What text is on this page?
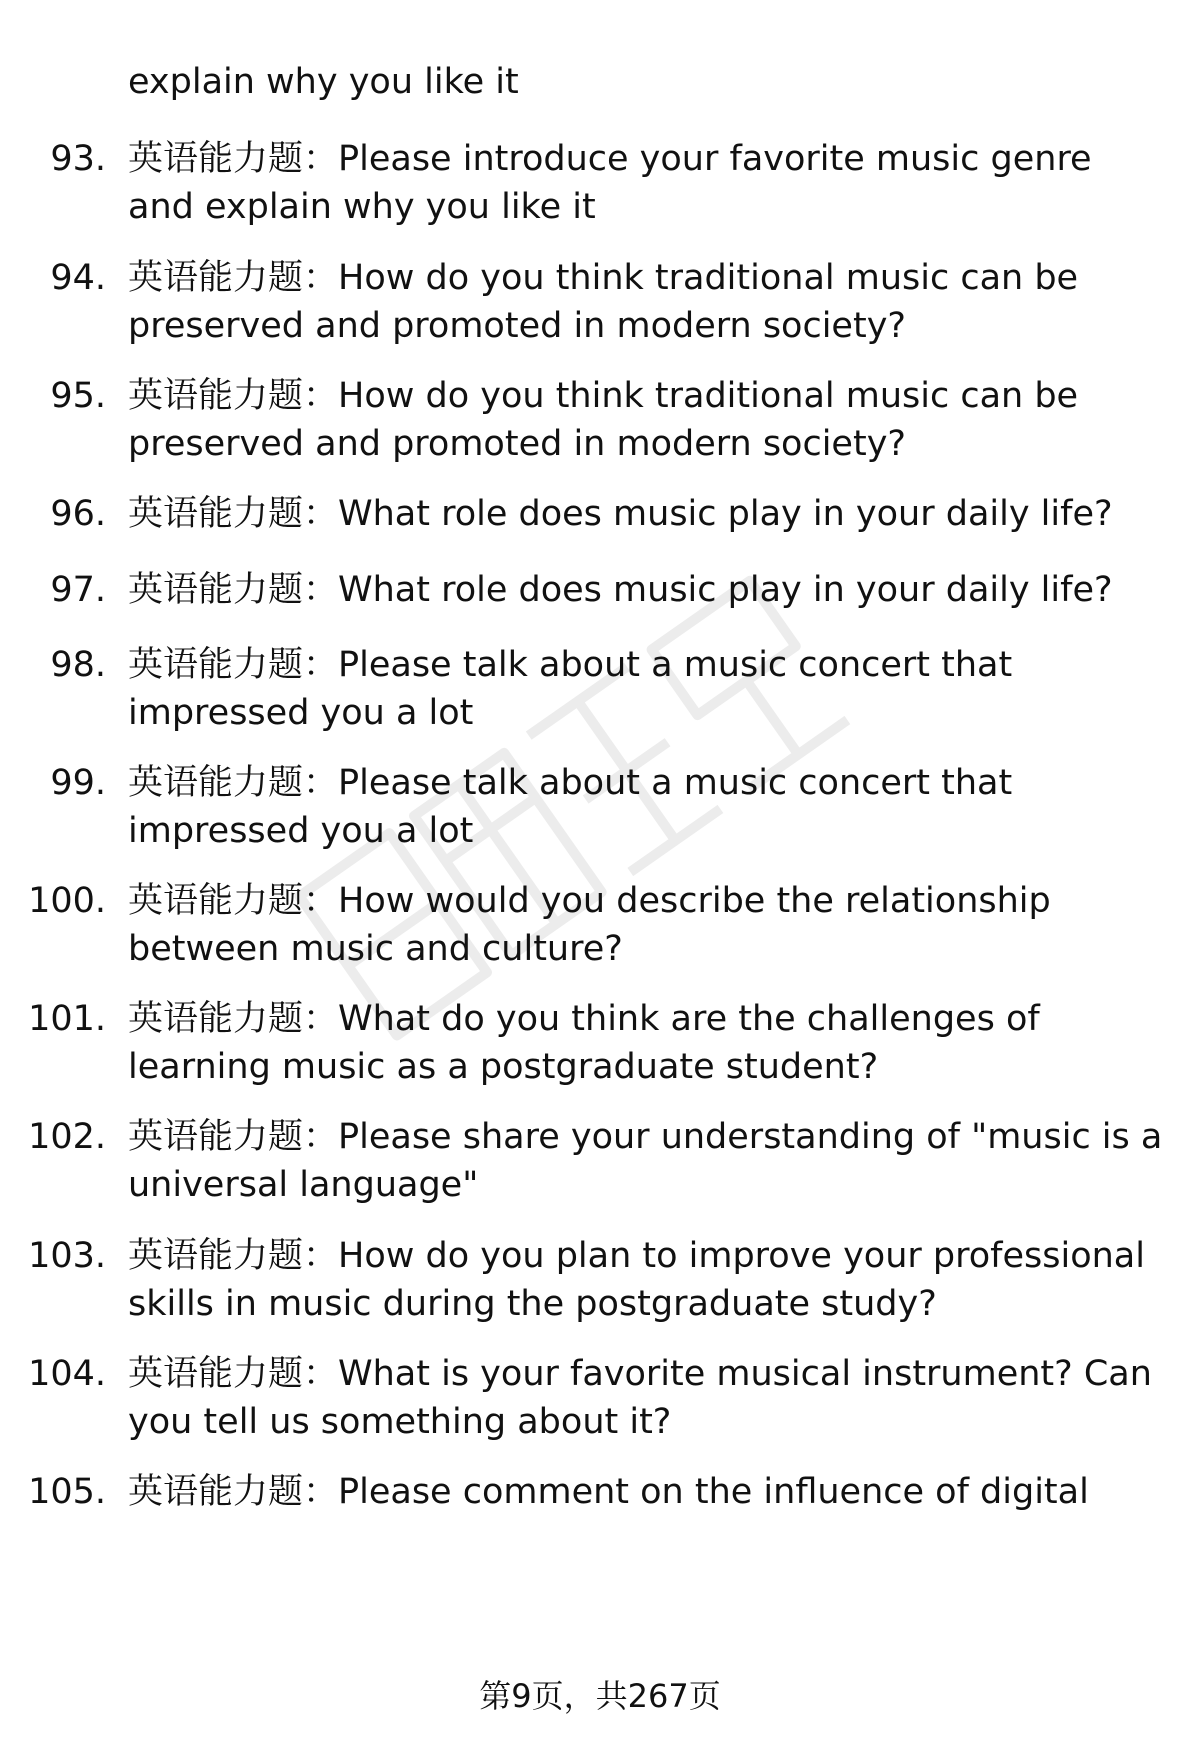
explain why you like it
93. 英语能力题：Please introduce your favorite music genre and explain why you like it
94. 英语能力题：How do you think traditional music can be preserved and promoted in modern society?
95. 英语能力题：How do you think traditional music can be preserved and promoted in modern society?
96. 英语能力题：What role does music play in your daily life?
97. 英语能力题：What role does music play in your daily life?
98. 英语能力题：Please talk about a music concert that impressed you a lot
99. 英语能力题：Please talk about a music concert that impressed you a lot
100. 英语能力题：How would you describe the relationship between music and culture?
101. 英语能力题：What do you think are the challenges of learning music as a postgraduate student?
102. 英语能力题：Please share your understanding of "music is a universal language"
103. 英语能力题：How do you plan to improve your professional skills in music during the postgraduate study?
104. 英语能力题：What is your favorite musical instrument? Can you tell us something about it?
105. 英语能力题：Please comment on the influence of digital
第9页，共267页
